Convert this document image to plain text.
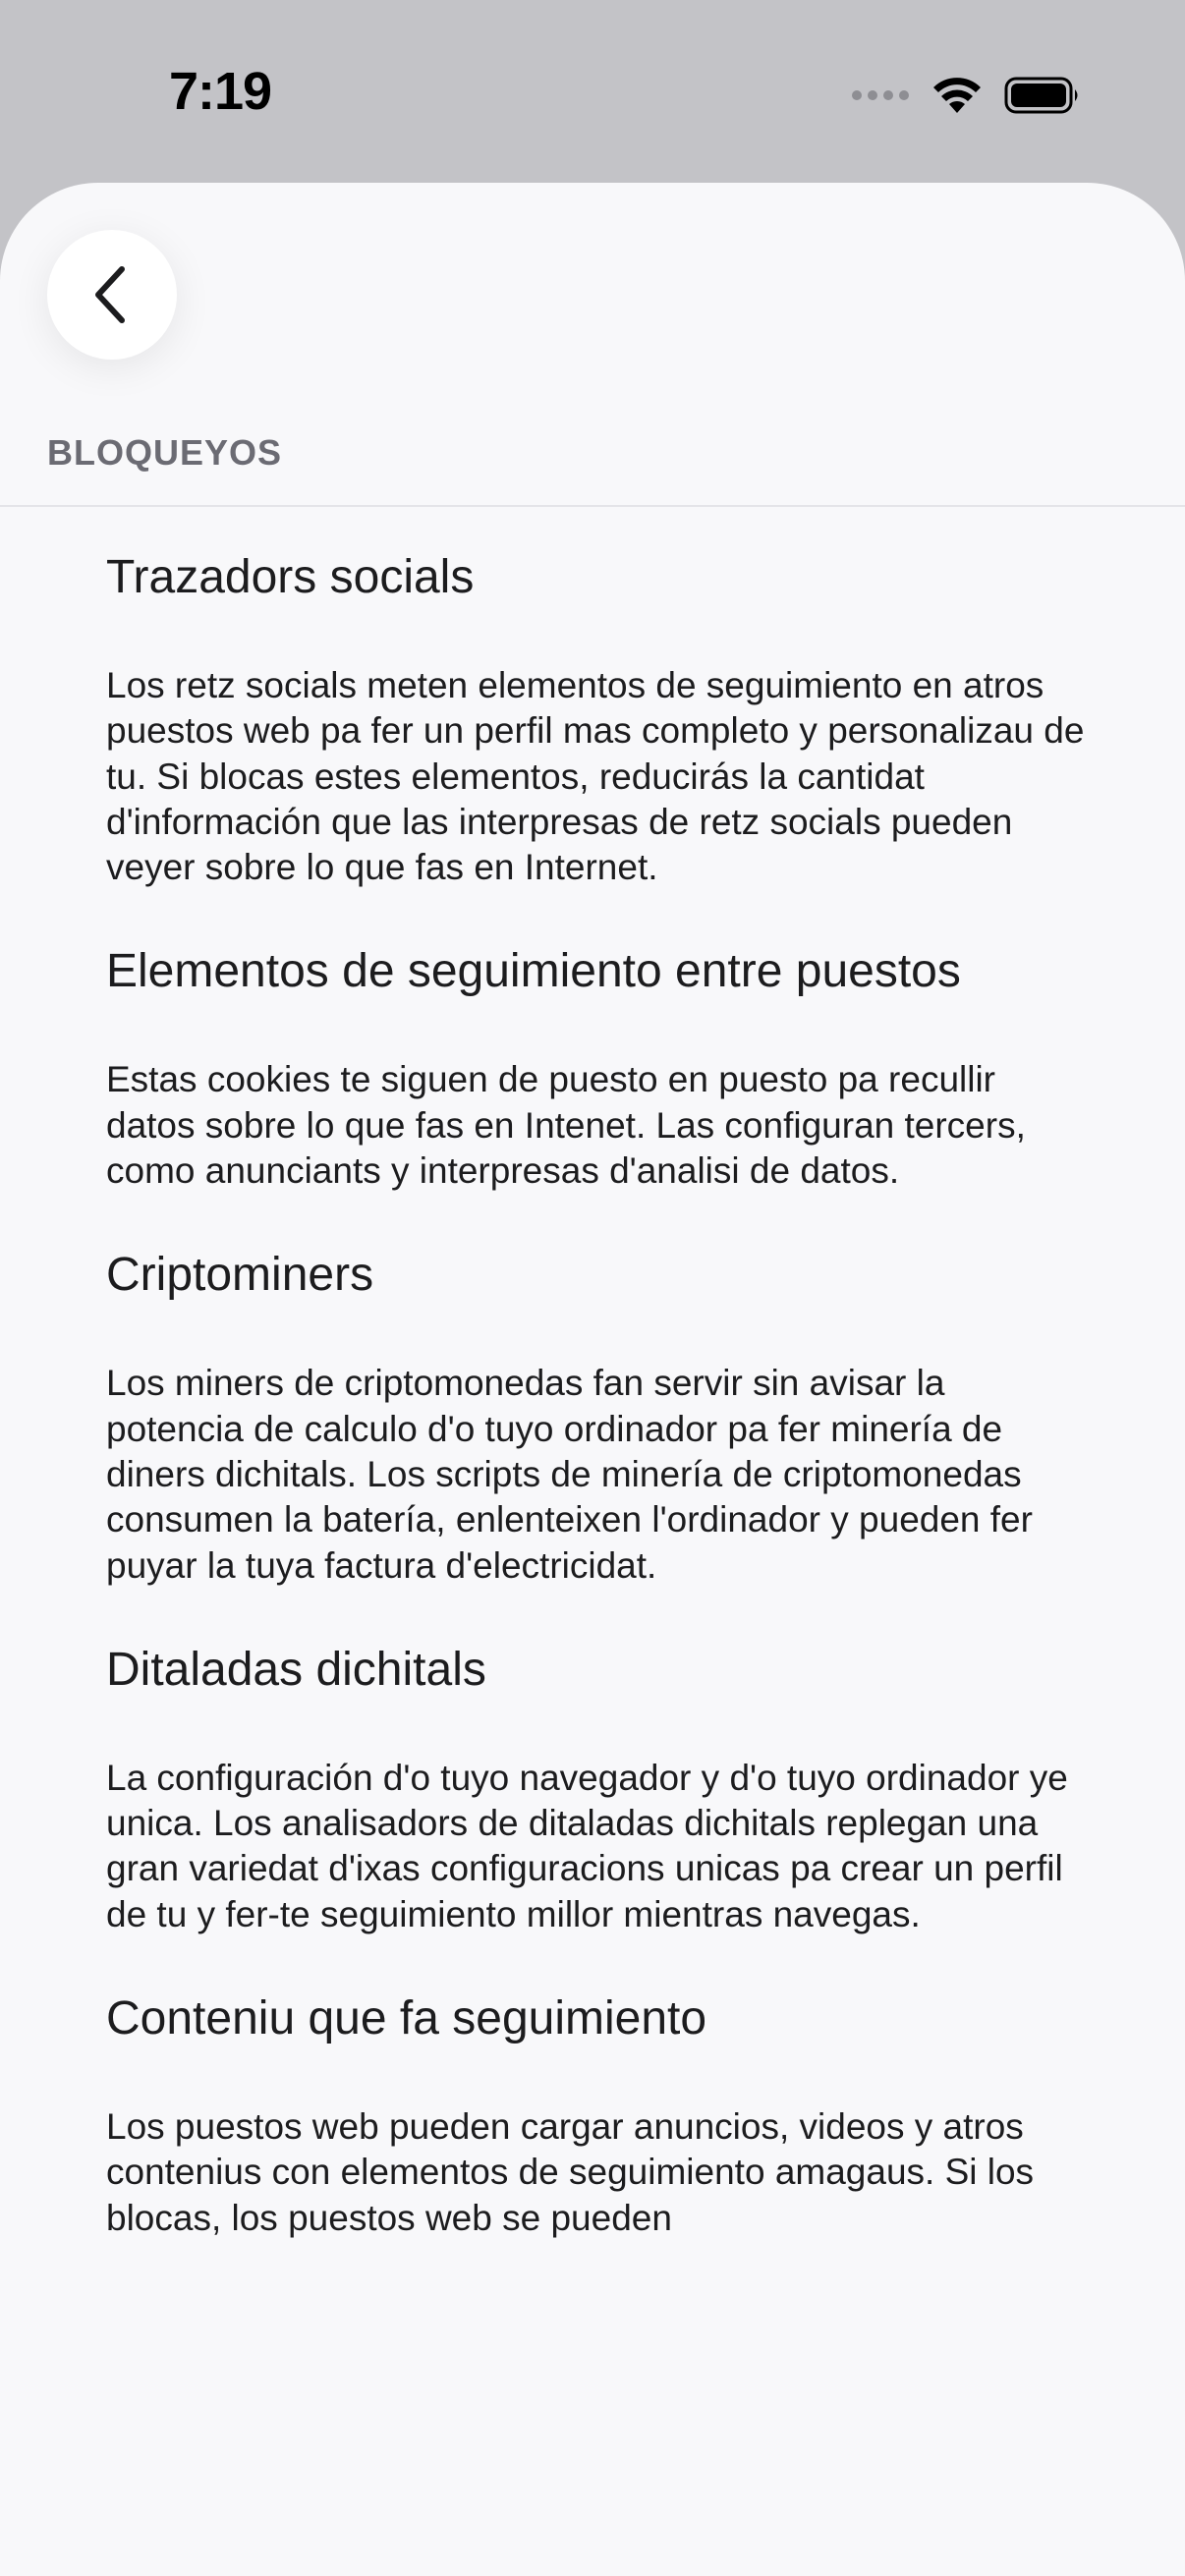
7:19
BLOQUEYOS
Trazadors socials
Los retz socials meten elementos de seguimiento en atros puestos web pa fer un perfil mas completo y personalizau de tu. Si blocas estes elementos, reducirás la cantidat d'información que las interpresas de retz socials pueden veyer sobre lo que fas en Internet.
Elementos de seguimiento entre puestos
Estas cookies te siguen de puesto en puesto pa recullir datos sobre lo que fas en Intenet. Las configuran tercers, como anunciants y interpresas d'analisi de datos.
Criptominers
Los miners de criptomonedas fan servir sin avisar la potencia de calculo d'o tuyo ordinador pa fer minería de diners dichitals. Los scripts de minería de criptomonedas consumen la batería, enlenteixen l'ordinador y pueden fer puyar la tuya factura d'electricidat.
Ditaladas dichitals
La configuración d'o tuyo navegador y d'o tuyo ordinador ye unica. Los analisadors de ditaladas dichitals replegan una gran variedat d'ixas configuracions unicas pa crear un perfil de tu y fer-te seguimiento millor mientras navegas.
Conteniu que fa seguimiento
Los puestos web pueden cargar anuncios, videos y atros contenius con elementos de seguimiento amagaus. Si los blocas, los puestos web se pueden
